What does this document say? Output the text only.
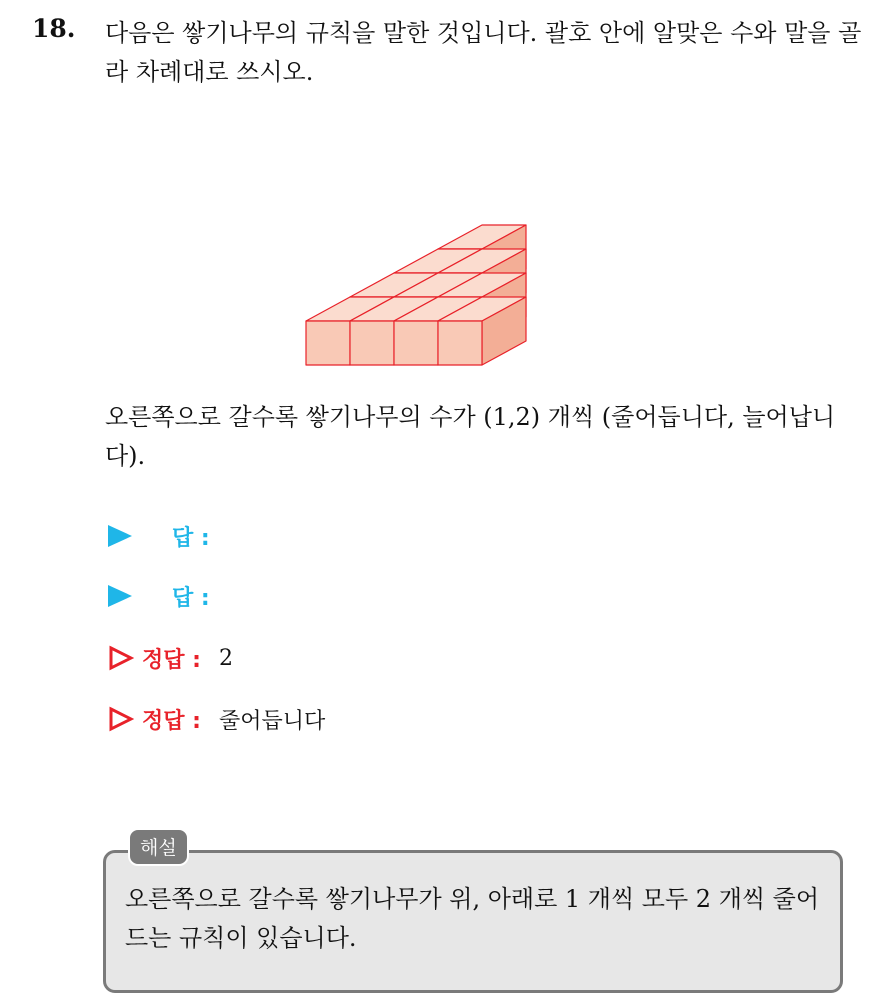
18. 다음은 쌓기나무의 규칙을 말한 것입니다. 괄호 안에 알맞은 수와 말을 골라 차례대로 쓰시오.
오른쪽으로 갈수록 쌓기나무의 수가 (1,2) 개씩 (줄어듭니다, 늘어납니다).
답 :
답 :
정답 : 2
정답 : 줄어듭니다
해설
오른쪽으로 갈수록 쌓기나무가 위, 아래로 1 개씩 모두 2 개씩 줄어드는 규칙이 있습니다.
